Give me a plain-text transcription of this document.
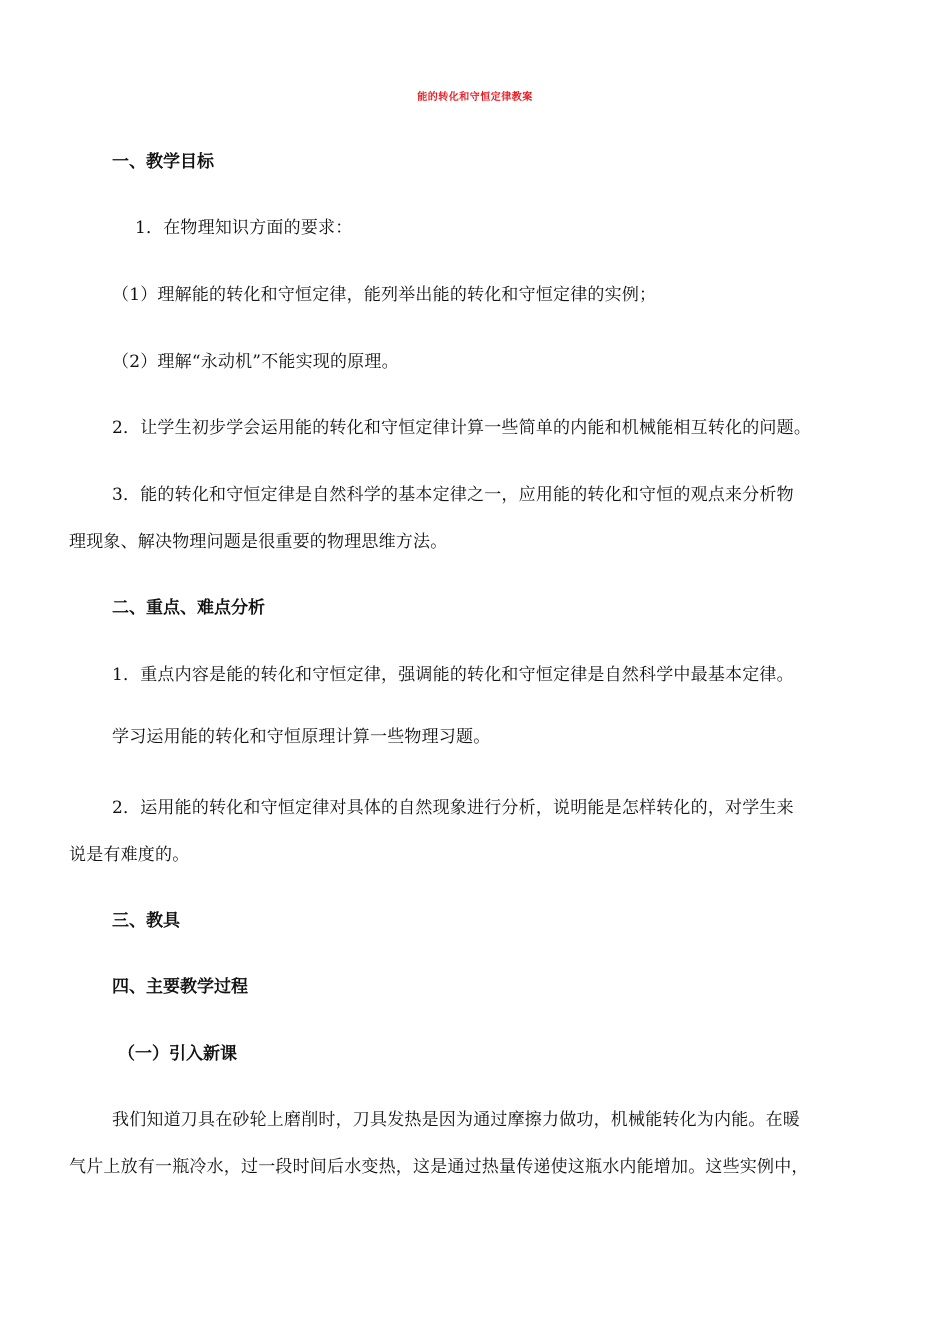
能的转化和守恒定律教案
一、教学目标
1．在物理知识方面的要求：
（1）理解能的转化和守恒定律，能列举出能的转化和守恒定律的实例；
（2）理解“永动机”不能实现的原理。
2．让学生初步学会运用能的转化和守恒定律计算一些简单的内能和机械能相互转化的问题。
3．能的转化和守恒定律是自然科学的基本定律之一，应用能的转化和守恒的观点来分析物
理现象、解决物理问题是很重要的物理思维方法。
二、重点、难点分析
1．重点内容是能的转化和守恒定律，强调能的转化和守恒定律是自然科学中最基本定律。
学习运用能的转化和守恒原理计算一些物理习题。
2．运用能的转化和守恒定律对具体的自然现象进行分析，说明能是怎样转化的，对学生来
说是有难度的。
三、教具
四、主要教学过程
（一）引入新课
我们知道刀具在砂轮上磨削时，刀具发热是因为通过摩擦力做功，机械能转化为内能。在暖
气片上放有一瓶冷水，过一段时间后水变热，这是通过热量传递使这瓶水内能增加。这些实例中，
